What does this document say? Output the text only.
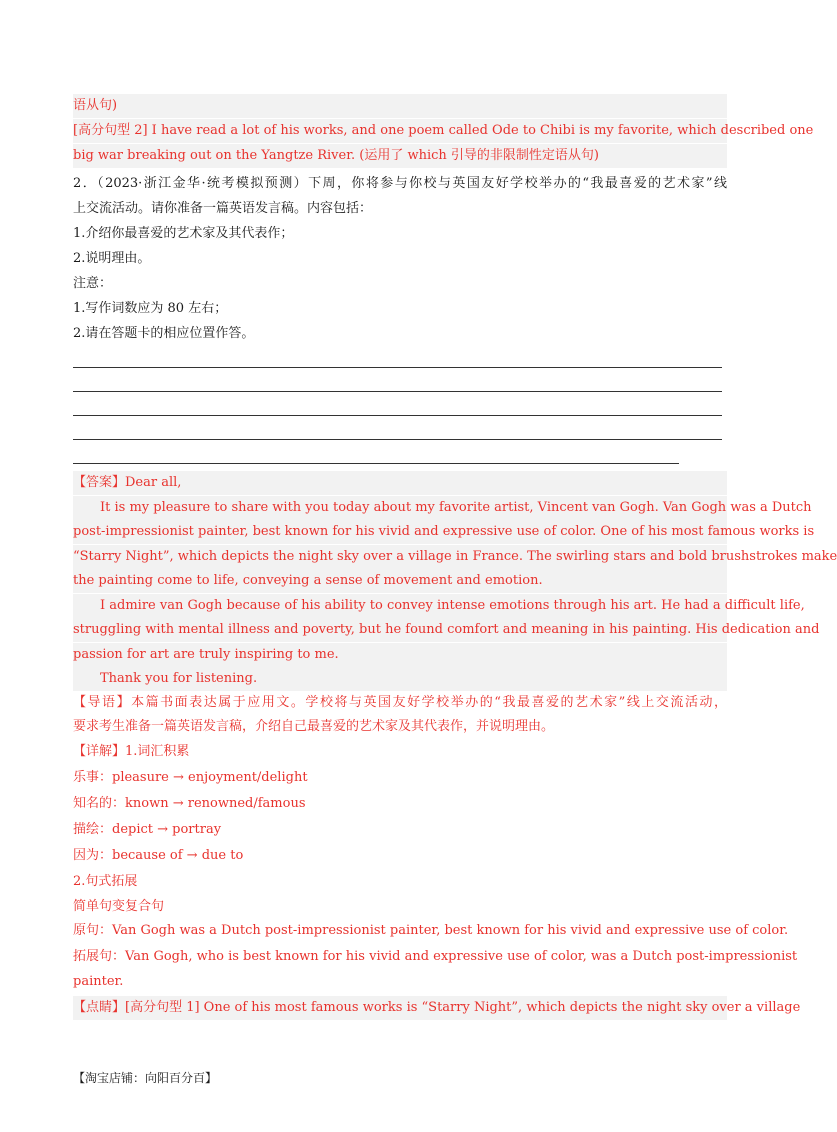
语从句)

[高分句型 2] I have read a lot of his works, and one poem called Ode to Chibi is my favorite, which described one

big war breaking out on the Yangtze River. (运用了 which 引导的非限制性定语从句)

2．（2023·浙江金华·统考模拟预测）下周，你将参与你校与英国友好学校举办的“我最喜爱的艺术家”线

上交流活动。请你准备一篇英语发言稿。内容包括：

1.介绍你最喜爱的艺术家及其代表作；

2.说明理由。

注意：

1.写作词数应为 80 左右；

2.请在答题卡的相应位置作答。

【答案】Dear all,

It is my pleasure to share with you today about my favorite artist, Vincent van Gogh. Van Gogh was a Dutch

post-impressionist painter, best known for his vivid and expressive use of color. One of his most famous works is

“Starry Night”, which depicts the night sky over a village in France. The swirling stars and bold brushstrokes make

the painting come to life, conveying a sense of movement and emotion.

I admire van Gogh because of his ability to convey intense emotions through his art. He had a difficult life,

struggling with mental illness and poverty, but he found comfort and meaning in his painting. His dedication and

passion for art are truly inspiring to me.

Thank you for listening.

【导语】本篇书面表达属于应用文。学校将与英国友好学校举办的“我最喜爱的艺术家”线上交流活动，

要求考生准备一篇英语发言稿，介绍自己最喜爱的艺术家及其代表作，并说明理由。

【详解】1.词汇积累

乐事：pleasure → enjoyment/delight

知名的：known → renowned/famous

描绘：depict → portray

因为：because of → due to

2.句式拓展

简单句变复合句

原句：Van Gogh was a Dutch post-impressionist painter, best known for his vivid and expressive use of color.

拓展句：Van Gogh, who is best known for his vivid and expressive use of color, was a Dutch post-impressionist

painter.

【点睛】[高分句型 1] One of his most famous works is “Starry Night”, which depicts the night sky over a village

【淘宝店铺：向阳百分百】
